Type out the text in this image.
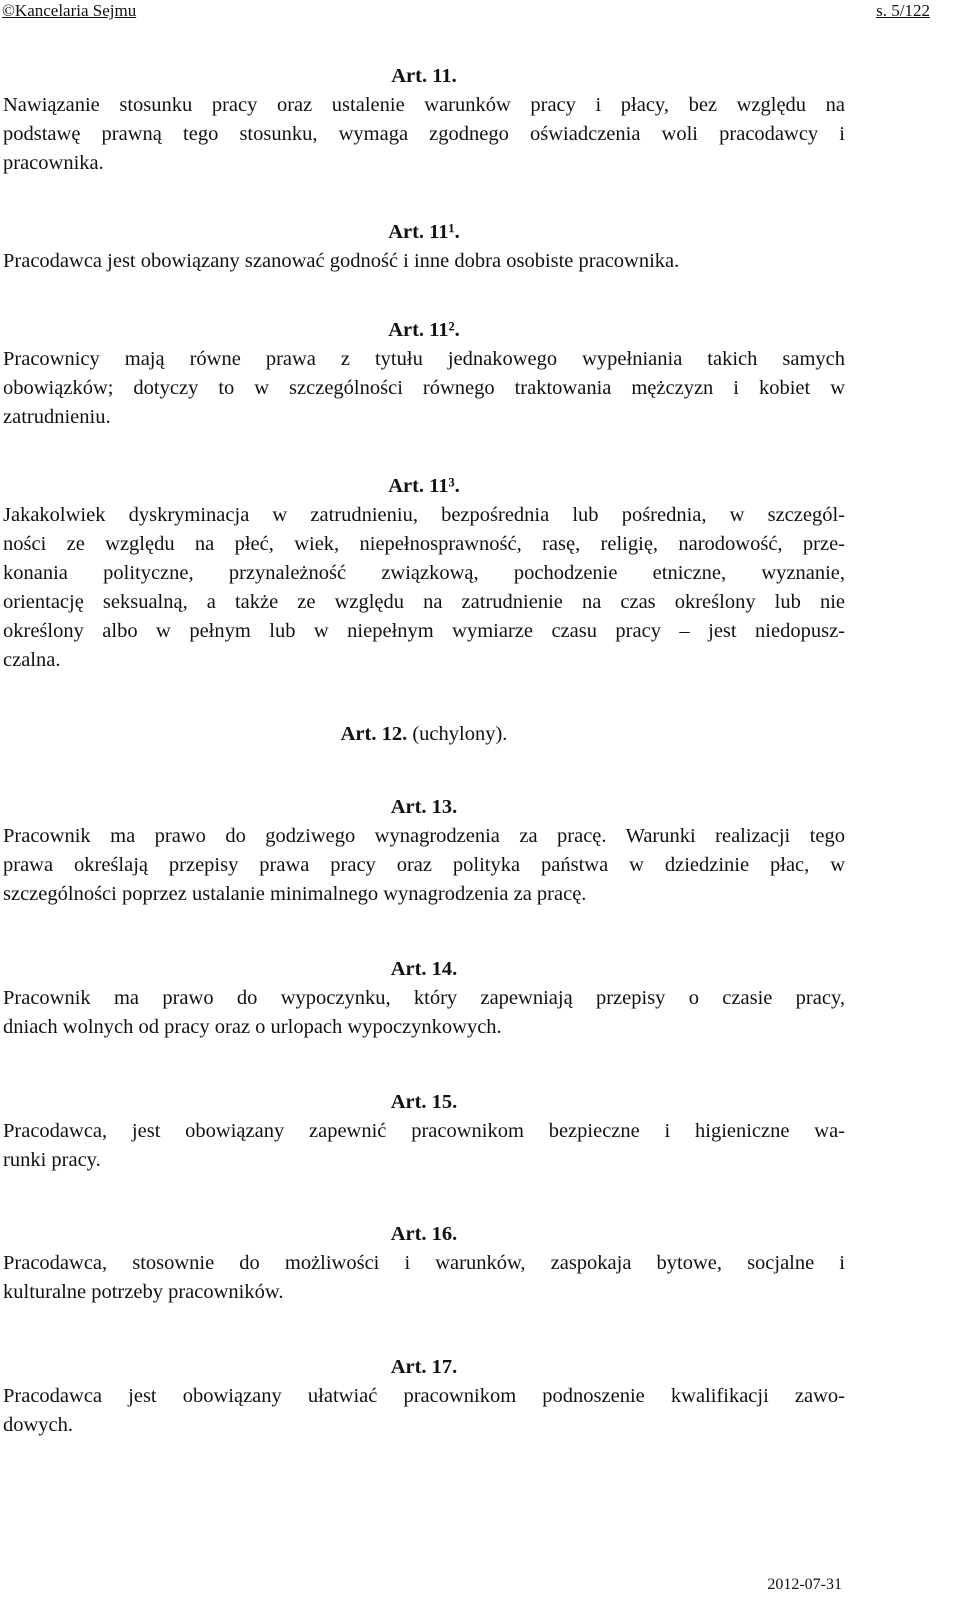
©Kancelaria Sejmu	s. 5/122
Art. 11.
Nawiązanie stosunku pracy oraz ustalenie warunków pracy i płacy, bez względu na
podstawę prawną tego stosunku, wymaga zgodnego oświadczenia woli pracodawcy i
pracownika.
Art. 11¹.
Pracodawca jest obowiązany szanować godność i inne dobra osobiste pracownika.
Art. 11².
Pracownicy mają równe prawa z tytułu jednakowego wypełniania takich samych
obowiązków; dotyczy to w szczególności równego traktowania mężczyzn i kobiet w
zatrudnieniu.
Art. 11³.
Jakakolwiek dyskryminacja w zatrudnieniu, bezpośrednia lub pośrednia, w szczegól-
ności ze względu na płeć, wiek, niepełnosprawność, rasę, religię, narodowość, prze-
konania polityczne, przynależność związkową, pochodzenie etniczne, wyznanie,
orientację seksualną, a także ze względu na zatrudnienie na czas określony lub nie
określony albo w pełnym lub w niepełnym wymiarze czasu pracy – jest niedopusz-
czalna.
Art. 12. (uchylony).
Art. 13.
Pracownik ma prawo do godziwego wynagrodzenia za pracę. Warunki realizacji tego
prawa określają przepisy prawa pracy oraz polityka państwa w dziedzinie płac, w
szczególności poprzez ustalanie minimalnego wynagrodzenia za pracę.
Art. 14.
Pracownik ma prawo do wypoczynku, który zapewniają przepisy o czasie pracy,
dniach wolnych od pracy oraz o urlopach wypoczynkowych.
Art. 15.
Pracodawca, jest obowiązany zapewnić pracownikom bezpieczne i higieniczne wa-
runki pracy.
Art. 16.
Pracodawca, stosownie do możliwości i warunków, zaspokaja bytowe, socjalne i
kulturalne potrzeby pracowników.
Art. 17.
Pracodawca jest obowiązany ułatwiać pracownikom podnoszenie kwalifikacji zawo-
dowych.
2012-07-31
